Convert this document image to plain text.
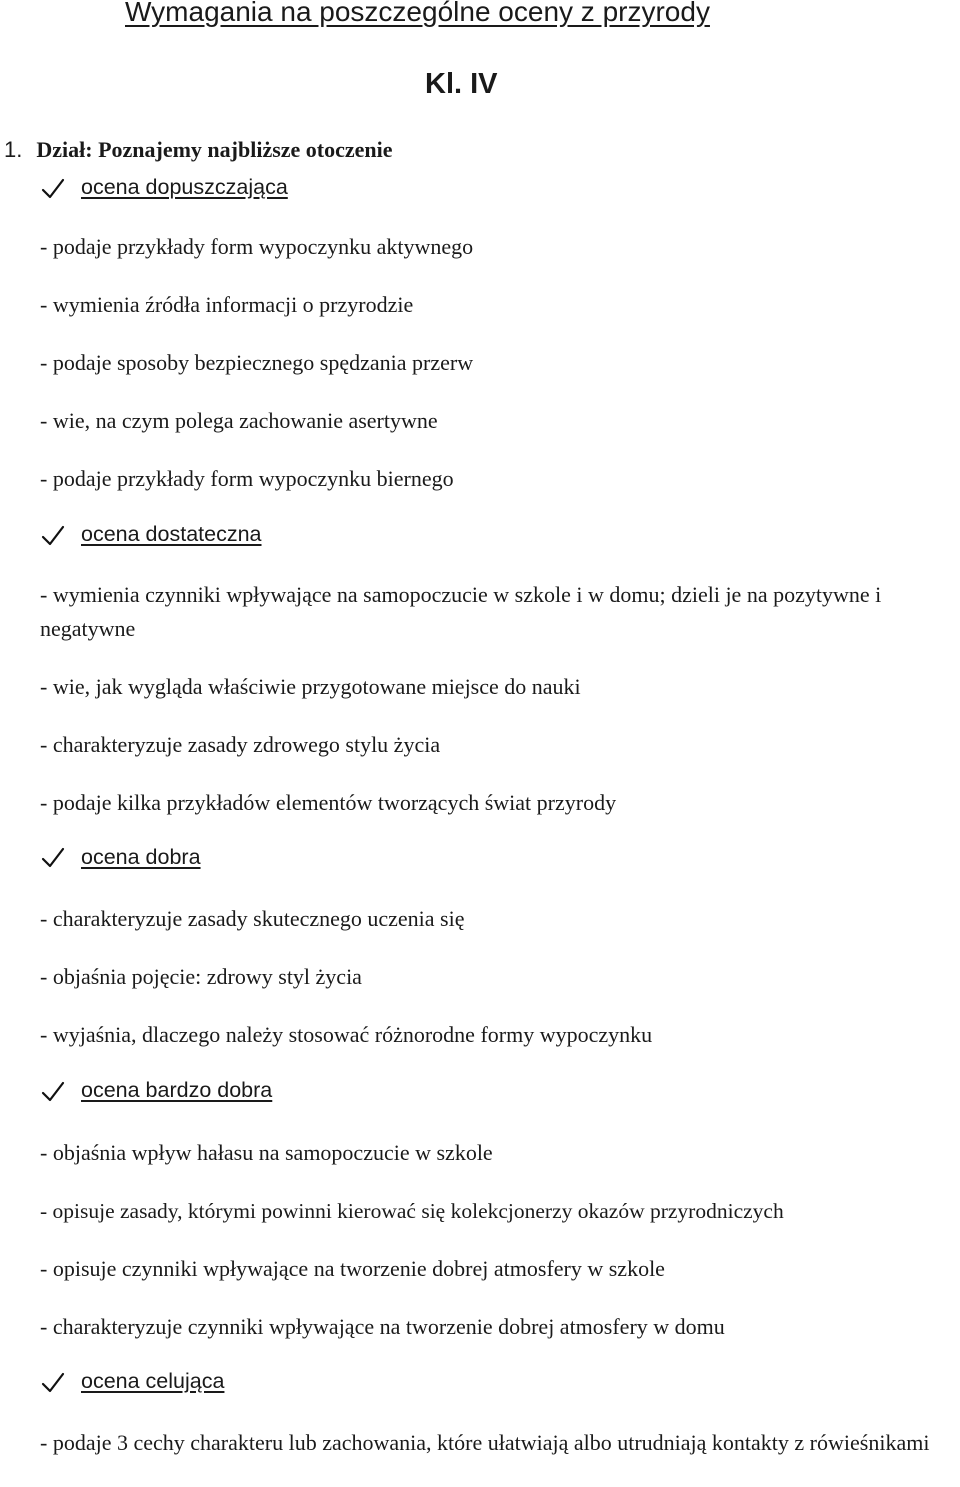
Wymagania na poszczególne oceny z przyrody
Kl. IV
1. Dział: Poznajemy najbliższe otoczenie
ocena dopuszczająca
- podaje przykłady form wypoczynku aktywnego
- wymienia źródła informacji o przyrodzie
- podaje sposoby bezpiecznego spędzania przerw
- wie, na czym polega zachowanie asertywne
- podaje przykłady form wypoczynku biernego
ocena dostateczna
- wymienia czynniki wpływające na samopoczucie w szkole i w domu; dzieli je na pozytywne i negatywne
- wie, jak wygląda właściwie przygotowane miejsce do nauki
- charakteryzuje zasady zdrowego stylu życia
- podaje kilka przykładów elementów tworzących świat przyrody
ocena dobra
- charakteryzuje zasady skutecznego uczenia się
- objaśnia pojęcie: zdrowy styl życia
- wyjaśnia, dlaczego należy stosować różnorodne formy wypoczynku
ocena bardzo dobra
- objaśnia wpływ hałasu na samopoczucie w szkole
- opisuje zasady, którymi powinni kierować się kolekcjonerzy okazów przyrodniczych
- opisuje czynniki wpływające na tworzenie dobrej atmosfery w szkole
- charakteryzuje czynniki wpływające na tworzenie dobrej atmosfery w domu
ocena celująca
- podaje 3 cechy charakteru lub zachowania, które ułatwiają albo utrudniają kontakty z rówieśnikami
